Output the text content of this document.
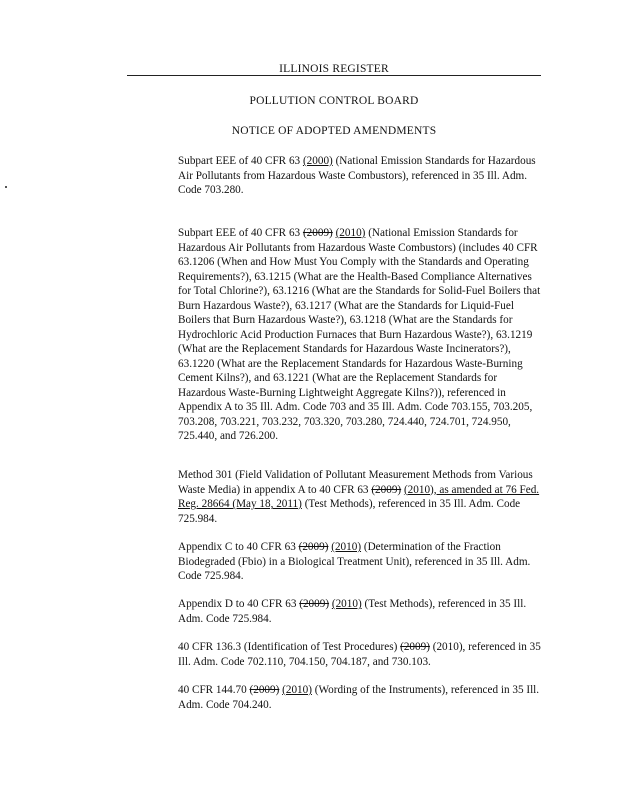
ILLINOIS REGISTER
POLLUTION CONTROL BOARD
NOTICE OF ADOPTED AMENDMENTS
Subpart EEE of 40 CFR 63 (2000) (National Emission Standards for Hazardous Air Pollutants from Hazardous Waste Combustors), referenced in 35 Ill. Adm. Code 703.280.
Subpart EEE of 40 CFR 63 (2009) (2010) (National Emission Standards for Hazardous Air Pollutants from Hazardous Waste Combustors) (includes 40 CFR 63.1206 (When and How Must You Comply with the Standards and Operating Requirements?), 63.1215 (What are the Health-Based Compliance Alternatives for Total Chlorine?), 63.1216 (What are the Standards for Solid-Fuel Boilers that Burn Hazardous Waste?), 63.1217 (What are the Standards for Liquid-Fuel Boilers that Burn Hazardous Waste?), 63.1218 (What are the Standards for Hydrochloric Acid Production Furnaces that Burn Hazardous Waste?), 63.1219 (What are the Replacement Standards for Hazardous Waste Incinerators?), 63.1220 (What are the Replacement Standards for Hazardous Waste-Burning Cement Kilns?), and 63.1221 (What are the Replacement Standards for Hazardous Waste-Burning Lightweight Aggregate Kilns?)), referenced in Appendix A to 35 Ill. Adm. Code 703 and 35 Ill. Adm. Code 703.155, 703.205, 703.208, 703.221, 703.232, 703.320, 703.280, 724.440, 724.701, 724.950, 725.440, and 726.200.
Method 301 (Field Validation of Pollutant Measurement Methods from Various Waste Media) in appendix A to 40 CFR 63 (2009) (2010), as amended at 76 Fed. Reg. 28664 (May 18, 2011) (Test Methods), referenced in 35 Ill. Adm. Code 725.984.
Appendix C to 40 CFR 63 (2009) (2010) (Determination of the Fraction Biodegraded (Fbio) in a Biological Treatment Unit), referenced in 35 Ill. Adm. Code 725.984.
Appendix D to 40 CFR 63 (2009) (2010) (Test Methods), referenced in 35 Ill. Adm. Code 725.984.
40 CFR 136.3 (Identification of Test Procedures) (2009) (2010), referenced in 35 Ill. Adm. Code 702.110, 704.150, 704.187, and 730.103.
40 CFR 144.70 (2009) (2010) (Wording of the Instruments), referenced in 35 Ill. Adm. Code 704.240.
